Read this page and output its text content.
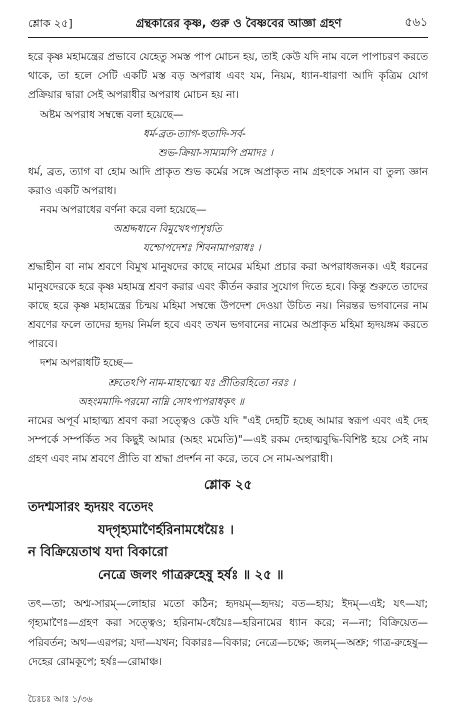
শ্লোক ২৫]	গ্রন্থকারের কৃষ্ণ, গুরু ও বৈষ্ণবের আজ্ঞা গ্রহণ	৫৬১

হরে কৃষ্ণ মহামন্ত্রের প্রভাবে যেহেতু সমস্ত পাপ মোচন হয়, তাই কেউ যদি নাম বলে পাপাচরণ করতে থাকে, তা হলে সেটি একটি মস্ত বড় অপরাধ এবং যম, নিয়ম, ধ্যান-ধারণা আদি কৃত্রিম যোগ প্রক্রিয়ার দ্বারা সেই অপরাধীর অপরাধ মোচন হয় না।

অষ্টম অপরাধ সম্বন্ধে বলা হয়েছে—

ধর্ম-ব্রত-ত্যাগ-হুতাদি-সর্ব-
শুভ-ক্রিয়া-সাম্যমপি প্রমাদঃ ।

ধর্ম, ব্রত, ত্যাগ বা হোম আদি প্রাকৃত শুভ কর্মের সঙ্গে অপ্রাকৃত নাম গ্রহণকে সমান বা তুল্য জ্ঞান করাও একটি অপরাধ।

নবম অপরাধের বর্ণনা করে বলা হয়েছে—

অশ্রদ্দধানে বিমুখেঽপ্যশৃণ্বতি
যশ্চোপদেশঃ শিবনামাপরাধঃ ।

শ্রদ্ধাহীন বা নাম শ্রবণে বিমুখ মানুষদের কাছে নামের মহিমা প্রচার করা অপরাধজনক। এই ধরনের মানুষদেরকে হরে কৃষ্ণ মহামন্ত্র শ্রবণ করার এবং কীর্তন করার সুযোগ দিতে হবে। কিন্তু শুরুতে তাদের কাছে হরে কৃষ্ণ মহামন্ত্রের চিন্ময় মহিমা সম্বন্ধে উপদেশ দেওয়া উচিত নয়। নিরন্তর ভগবানের নাম শ্রবণের ফলে তাদের হৃদয় নির্মল হবে এবং তখন ভগবানের নামের অপ্রাকৃত মহিমা হৃদয়ঙ্গম করতে পারবে।

দশম অপরাধটি হচ্ছে—

শ্রুতেঽপি নাম-মাহাত্ম্যে যঃ প্রীতিরহিতো নরঃ ।
অহংমমাদি-পরমো নাম্নি সোঽপ্যপরাধকৃৎ ॥

নামের অপূর্ব মাহাত্ম্য শ্রবণ করা সত্ত্বেও কেউ যদি "এই দেহটি হচ্ছে আমার স্বরূপ এবং এই দেহ সম্পর্কে সম্পর্কিত সব কিছুই আমার (অহং মমেতি)"—এই রকম দেহাত্মবুদ্ধি-বিশিষ্ট হয়ে সেই নাম গ্রহণ এবং নাম শ্রবণে প্রীতি বা শ্রদ্ধা প্রদর্শন না করে, তবে সে নাম-অপরাধী।

শ্লোক ২৫
তদশ্মসারং হৃদয়ং বতেদং
যদ্‌গৃহ্যমাণৈর্হরিনামধেয়ৈঃ ।
ন বিক্রিয়েতাথ যদা বিকারো
নেত্রে জলং গাত্ররুহেষু হর্ষঃ ॥ ২৫ ॥

তৎ—তা; অশ্ম-সারম্—লোহার মতো কঠিন; হৃদয়ম্—হৃদয়; বত—হায়; ইদম্—এই; যৎ—যা; গৃহ্যমাণৈঃ—গ্রহণ করা সত্ত্বেও; হরিনাম-ধেয়ৈঃ—হরিনামের ধ্যান করে; ন—না; বিক্রিয়েত—পরিবর্তন; অথ—এরপর; যদা—যখন; বিকারঃ—বিকার; নেত্রে—চক্ষে; জলম্—অশ্রু; গাত্র-রুহেষু—দেহের রোমকূপে; হর্ষঃ—রোমাঞ্চ।

চৈঃচঃ আঃ ১/৩৬
